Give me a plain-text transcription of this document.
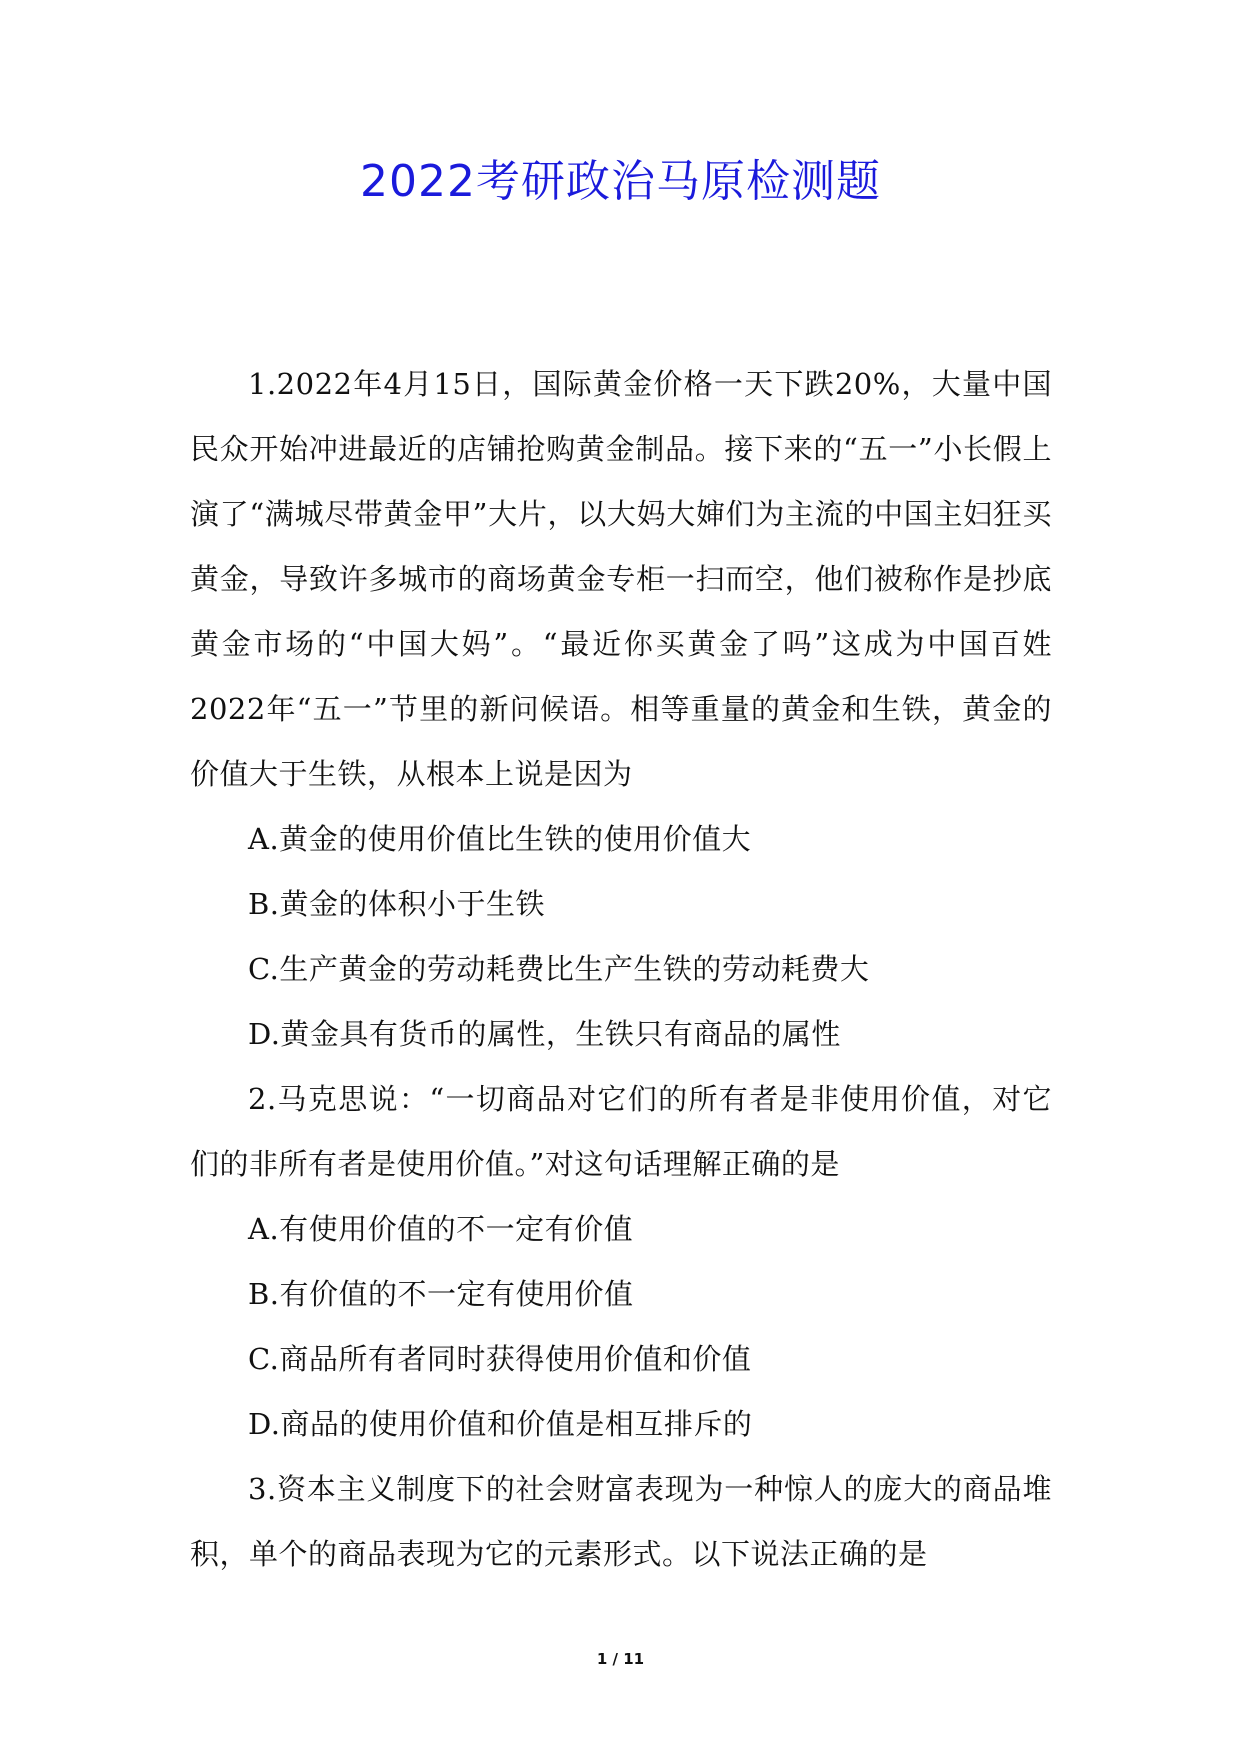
2022考研政治马原检测题

1.2022年4月15日，国际黄金价格一天下跌20%，大量中国民众开始冲进最近的店铺抢购黄金制品。接下来的“五一”小长假上演了“满城尽带黄金甲”大片，以大妈大婶们为主流的中国主妇狂买黄金，导致许多城市的商场黄金专柜一扫而空，他们被称作是抄底黄金市场的“中国大妈”。“最近你买黄金了吗”这成为中国百姓2022年“五一”节里的新问候语。相等重量的黄金和生铁，黄金的价值大于生铁，从根本上说是因为

A.黄金的使用价值比生铁的使用价值大

B.黄金的体积小于生铁

C.生产黄金的劳动耗费比生产生铁的劳动耗费大

D.黄金具有货币的属性，生铁只有商品的属性

2.马克思说：“一切商品对它们的所有者是非使用价值，对它们的非所有者是使用价值。”对这句话理解正确的是

A.有使用价值的不一定有价值

B.有价值的不一定有使用价值

C.商品所有者同时获得使用价值和价值

D.商品的使用价值和价值是相互排斥的

3.资本主义制度下的社会财富表现为一种惊人的庞大的商品堆积，单个的商品表现为它的元素形式。以下说法正确的是

1 / 11
